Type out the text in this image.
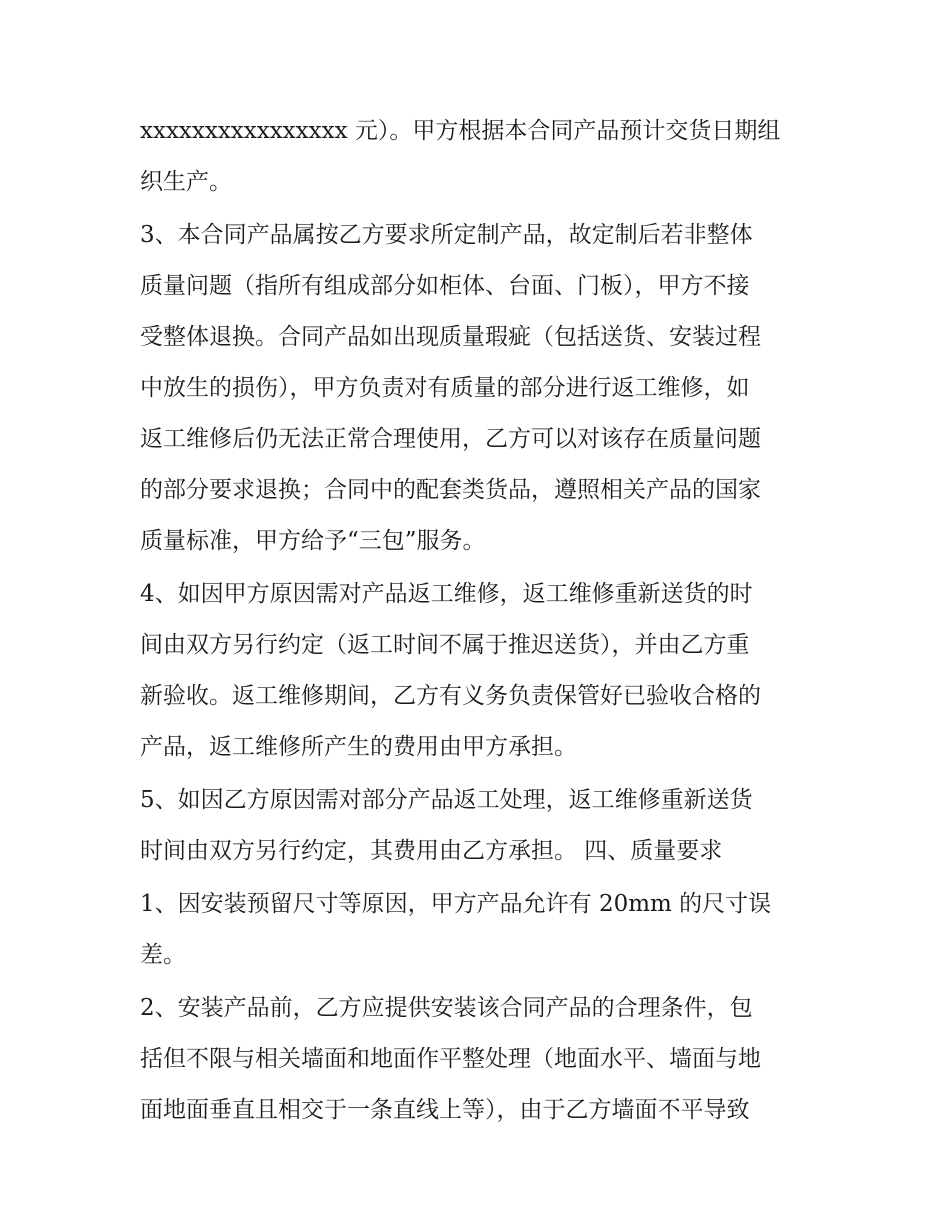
xxxxxxxxxxxxxxxx 元）。甲方根据本合同产品预计交货日期组
织生产。
3、本合同产品属按乙方要求所定制产品，故定制后若非整体
质量问题（指所有组成部分如柜体、台面、门板），甲方不接
受整体退换。合同产品如出现质量瑕疵（包括送货、安装过程
中放生的损伤），甲方负责对有质量的部分进行返工维修，如
返工维修后仍无法正常合理使用，乙方可以对该存在质量问题
的部分要求退换；合同中的配套类货品，遵照相关产品的国家
质量标准，甲方给予“三包”服务。
4、如因甲方原因需对产品返工维修，返工维修重新送货的时
间由双方另行约定（返工时间不属于推迟送货），并由乙方重
新验收。返工维修期间，乙方有义务负责保管好已验收合格的
产品，返工维修所产生的费用由甲方承担。
5、如因乙方原因需对部分产品返工处理，返工维修重新送货
时间由双方另行约定，其费用由乙方承担。 四、质量要求
1、因安装预留尺寸等原因，甲方产品允许有 20mm 的尺寸误
差。
2、安装产品前，乙方应提供安装该合同产品的合理条件，包
括但不限与相关墙面和地面作平整处理（地面水平、墙面与地
面地面垂直且相交于一条直线上等），由于乙方墙面不平导致
